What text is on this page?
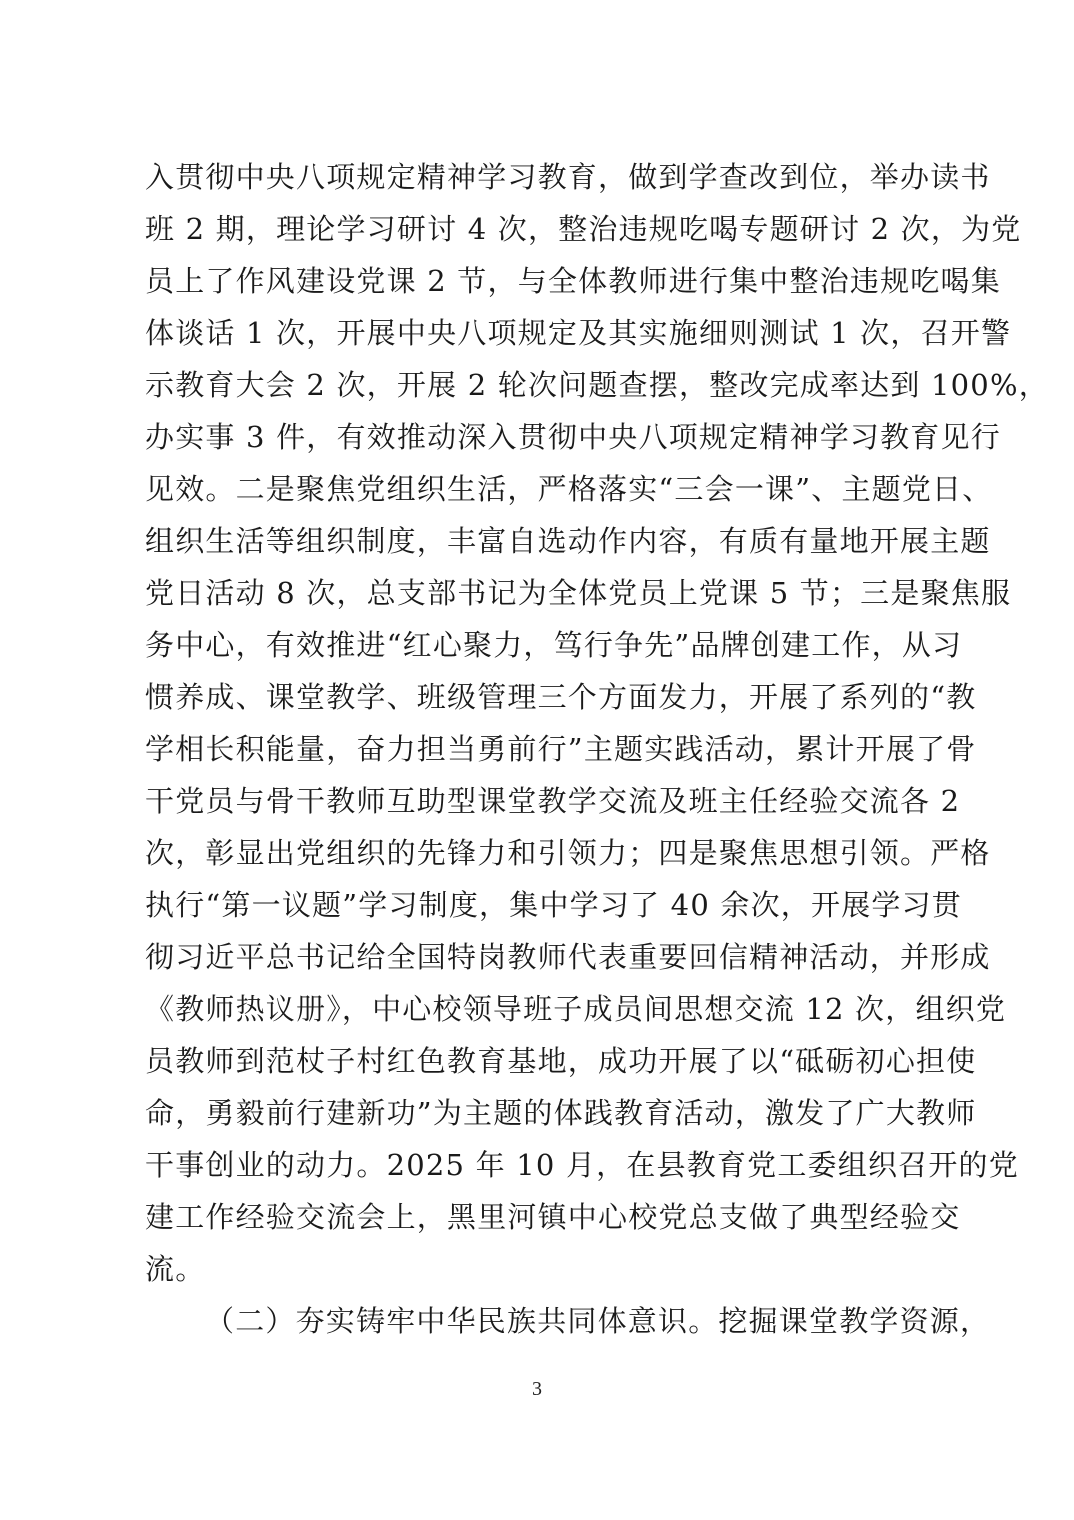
入贯彻中央八项规定精神学习教育，做到学查改到位，举办读书
班 2 期，理论学习研讨 4 次，整治违规吃喝专题研讨 2 次，为党
员上了作风建设党课 2 节，与全体教师进行集中整治违规吃喝集
体谈话 1 次，开展中央八项规定及其实施细则测试 1 次，召开警
示教育大会 2 次，开展 2 轮次问题查摆，整改完成率达到 100%，
办实事 3 件，有效推动深入贯彻中央八项规定精神学习教育见行
见效。二是聚焦党组织生活，严格落实“三会一课”、主题党日、
组织生活等组织制度，丰富自选动作内容，有质有量地开展主题
党日活动 8 次，总支部书记为全体党员上党课 5 节；三是聚焦服
务中心，有效推进“红心聚力，笃行争先”品牌创建工作，从习
惯养成、课堂教学、班级管理三个方面发力，开展了系列的“教
学相长积能量，奋力担当勇前行”主题实践活动，累计开展了骨
干党员与骨干教师互助型课堂教学交流及班主任经验交流各 2
次，彰显出党组织的先锋力和引领力；四是聚焦思想引领。严格
执行“第一议题”学习制度，集中学习了 40 余次，开展学习贯
彻习近平总书记给全国特岗教师代表重要回信精神活动，并形成
《教师热议册》，中心校领导班子成员间思想交流 12 次，组织党
员教师到范杖子村红色教育基地，成功开展了以“砥砺初心担使
命，勇毅前行建新功”为主题的体践教育活动，激发了广大教师
干事创业的动力。2025 年 10 月，在县教育党工委组织召开的党
建工作经验交流会上，黑里河镇中心校党总支做了典型经验交
流。
（二）夯实铸牢中华民族共同体意识。挖掘课堂教学资源，
3
